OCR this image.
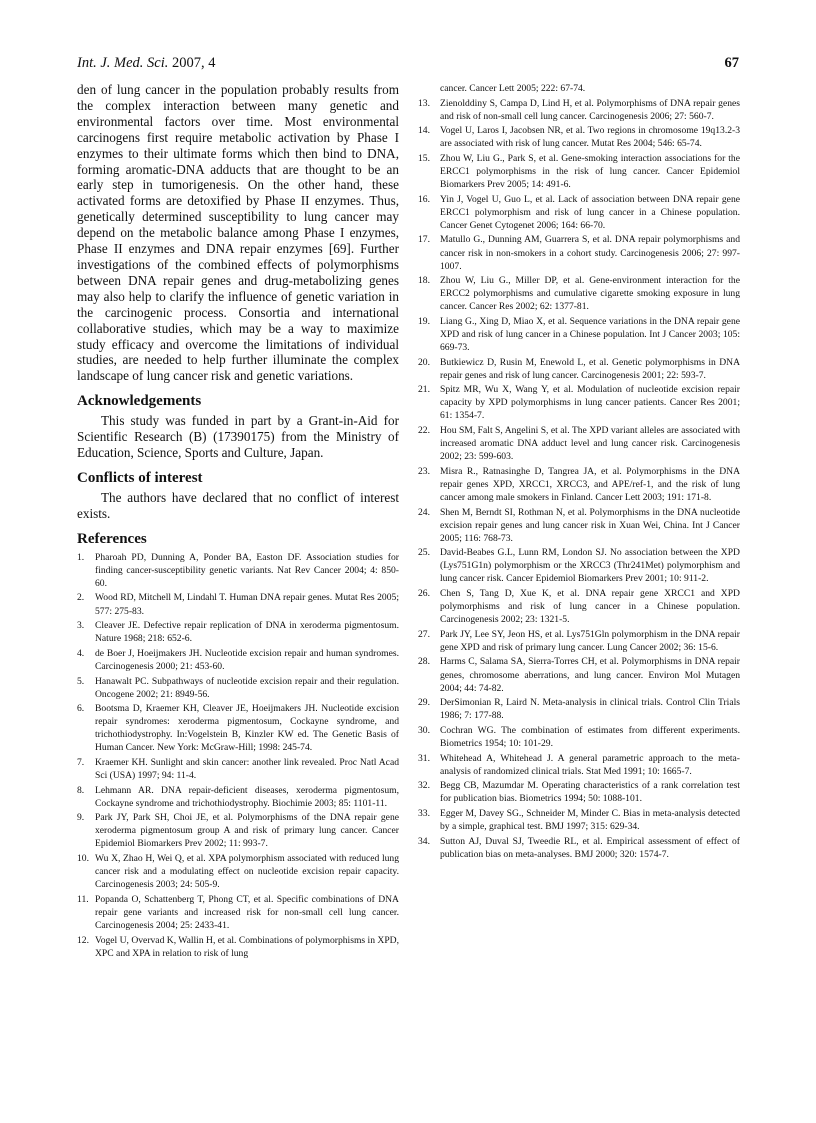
Int. J. Med. Sci. 2007, 4	67

den of lung cancer in the population probably results from the complex interaction between many genetic and environmental factors over time. Most environmental carcinogens first require metabolic activation by Phase I enzymes to their ultimate forms which then bind to DNA, forming aromatic-DNA adducts that are thought to be an early step in tumorigenesis. On the other hand, these activated forms are detoxified by Phase II enzymes. Thus, genetically determined susceptibility to lung cancer may depend on the metabolic balance among Phase I enzymes, Phase II enzymes and DNA repair enzymes [69]. Further investigations of the combined effects of polymorphisms between DNA repair genes and drug-metabolizing genes may also help to clarify the influence of genetic variation in the carcinogenic process. Consortia and international collaborative studies, which may be a way to maximize study efficacy and overcome the limitations of individual studies, are needed to help further illuminate the complex landscape of lung cancer risk and genetic variations.

Acknowledgements

This study was funded in part by a Grant-in-Aid for Scientific Research (B) (17390175) from the Ministry of Education, Science, Sports and Culture, Japan.

Conflicts of interest

The authors have declared that no conflict of interest exists.

References
1.	Pharoah PD, Dunning A, Ponder BA, Easton DF. Association studies for finding cancer-susceptibility genetic variants. Nat Rev Cancer 2004; 4: 850-60.
2.	Wood RD, Mitchell M, Lindahl T. Human DNA repair genes. Mutat Res 2005; 577: 275-83.
3.	Cleaver JE. Defective repair replication of DNA in xeroderma pigmentosum. Nature 1968; 218: 652-6.
4.	de Boer J, Hoeijmakers JH. Nucleotide excision repair and human syndromes. Carcinogenesis 2000; 21: 453-60.
5.	Hanawalt PC. Subpathways of nucleotide excision repair and their regulation. Oncogene 2002; 21: 8949-56.
6.	Bootsma D, Kraemer KH, Cleaver JE, Hoeijmakers JH. Nucleotide excision repair syndromes: xeroderma pigmentosum, Cockayne syndrome, and trichothiodystrophy. In:Vogelstein B, Kinzler KW ed. The Genetic Basis of Human Cancer. New York: McGraw-Hill; 1998: 245-74.
7.	Kraemer KH. Sunlight and skin cancer: another link revealed. Proc Natl Acad Sci (USA) 1997; 94: 11-4.
8.	Lehmann AR. DNA repair-deficient diseases, xeroderma pigmentosum, Cockayne syndrome and trichothiodystrophy. Biochimie 2003; 85: 1101-11.
9.	Park JY, Park SH, Choi JE, et al. Polymorphisms of the DNA repair gene xeroderma pigmentosum group A and risk of primary lung cancer. Cancer Epidemiol Biomarkers Prev 2002; 11: 993-7.
10. Wu X, Zhao H, Wei Q, et al. XPA polymorphism associated with reduced lung cancer risk and a modulating effect on nucleotide excision repair capacity. Carcinogenesis 2003; 24: 505-9.
11. Popanda O, Schattenberg T, Phong CT, et al. Specific combinations of DNA repair gene variants and increased risk for non-small cell lung cancer. Carcinogenesis 2004; 25: 2433-41.
12. Vogel U, Overvad K, Wallin H, et al. Combinations of polymorphisms in XPD, XPC and XPA in relation to risk of lung
cancer. Cancer Lett 2005; 222: 67-74.
13. Zienolddiny S, Campa D, Lind H, et al. Polymorphisms of DNA repair genes and risk of non-small cell lung cancer. Carcinogenesis 2006; 27: 560-7.
14. Vogel U, Laros I, Jacobsen NR, et al. Two regions in chromosome 19q13.2-3 are associated with risk of lung cancer. Mutat Res 2004; 546: 65-74.
15. Zhou W, Liu G., Park S, et al. Gene-smoking interaction associations for the ERCC1 polymorphisms in the risk of lung cancer. Cancer Epidemiol Biomarkers Prev 2005; 14: 491-6.
16. Yin J, Vogel U, Guo L, et al. Lack of association between DNA repair gene ERCC1 polymorphism and risk of lung cancer in a Chinese population. Cancer Genet Cytogenet 2006; 164: 66-70.
17. Matullo G., Dunning AM, Guarrera S, et al. DNA repair polymorphisms and cancer risk in non-smokers in a cohort study. Carcinogenesis 2006; 27: 997-1007.
18. Zhou W, Liu G., Miller DP, et al. Gene-environment interaction for the ERCC2 polymorphisms and cumulative cigarette smoking exposure in lung cancer. Cancer Res 2002; 62: 1377-81.
19. Liang G., Xing D, Miao X, et al. Sequence variations in the DNA repair gene XPD and risk of lung cancer in a Chinese population. Int J Cancer 2003; 105: 669-73.
20. Butkiewicz D, Rusin M, Enewold L, et al. Genetic polymorphisms in DNA repair genes and risk of lung cancer. Carcinogenesis 2001; 22: 593-7.
21. Spitz MR, Wu X, Wang Y, et al. Modulation of nucleotide excision repair capacity by XPD polymorphisms in lung cancer patients. Cancer Res 2001; 61: 1354-7.
22. Hou SM, Falt S, Angelini S, et al. The XPD variant alleles are associated with increased aromatic DNA adduct level and lung cancer risk. Carcinogenesis 2002; 23: 599-603.
23. Misra R., Ratnasinghe D, Tangrea JA, et al. Polymorphisms in the DNA repair genes XPD, XRCC1, XRCC3, and APE/ref-1, and the risk of lung cancer among male smokers in Finland. Cancer Lett 2003; 191: 171-8.
24. Shen M, Berndt SI, Rothman N, et al. Polymorphisms in the DNA nucleotide excision repair genes and lung cancer risk in Xuan Wei, China. Int J Cancer 2005; 116: 768-73.
25. David-Beabes G.L, Lunn RM, London SJ. No association between the XPD (Lys751G1n) polymorphism or the XRCC3 (Thr241Met) polymorphism and lung cancer risk. Cancer Epidemiol Biomarkers Prev 2001; 10: 911-2.
26. Chen S, Tang D, Xue K, et al. DNA repair gene XRCC1 and XPD polymorphisms and risk of lung cancer in a Chinese population. Carcinogenesis 2002; 23: 1321-5.
27. Park JY, Lee SY, Jeon HS, et al. Lys751Gln polymorphism in the DNA repair gene XPD and risk of primary lung cancer. Lung Cancer 2002; 36: 15-6.
28. Harms C, Salama SA, Sierra-Torres CH, et al. Polymorphisms in DNA repair genes, chromosome aberrations, and lung cancer. Environ Mol Mutagen 2004; 44: 74-82.
29. DerSimonian R, Laird N. Meta-analysis in clinical trials. Control Clin Trials 1986; 7: 177-88.
30. Cochran WG. The combination of estimates from different experiments. Biometrics 1954; 10: 101-29.
31. Whitehead A, Whitehead J. A general parametric approach to the meta-analysis of randomized clinical trials. Stat Med 1991; 10: 1665-7.
32. Begg CB, Mazumdar M. Operating characteristics of a rank correlation test for publication bias. Biometrics 1994; 50: 1088-101.
33. Egger M, Davey SG., Schneider M, Minder C. Bias in meta-analysis detected by a simple, graphical test. BMJ 1997; 315: 629-34.
34. Sutton AJ, Duval SJ, Tweedie RL, et al. Empirical assessment of effect of publication bias on meta-analyses. BMJ 2000; 320: 1574-7.
